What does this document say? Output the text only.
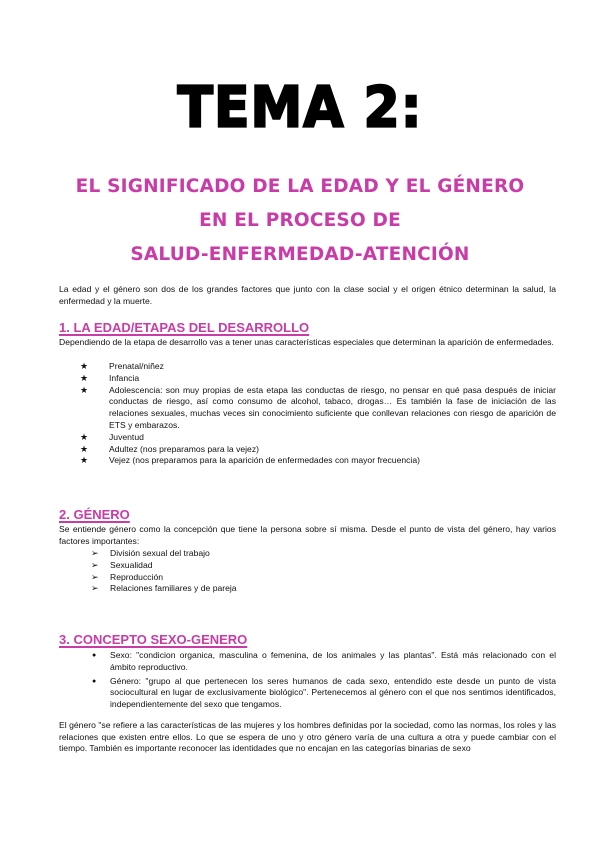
TEMA 2:
EL SIGNIFICADO DE LA EDAD Y EL GÉNERO
EN EL PROCESO DE
SALUD-ENFERMEDAD-ATENCIÓN

La edad y el género son dos de los grandes factores que junto con la clase social y el origen étnico determinan la salud, la enfermedad y la muerte.

1. LA EDAD/ETAPAS DEL DESARROLLO

Dependiendo de la etapa de desarrollo vas a tener unas características especiales que determinan la aparición de enfermedades.

★ Prenatal/niñez
★ Infancia
★ Adolescencia: son muy propias de esta etapa las conductas de riesgo, no pensar en qué pasa después de iniciar conductas de riesgo, así como consumo de alcohol, tabaco, drogas… Es también la fase de iniciación de las relaciones sexuales, muchas veces sin conocimiento suficiente que conllevan relaciones con riesgo de aparición de ETS y embarazos.
★ Juventud
★ Adultez (nos preparamos para la vejez)
★ Vejez (nos preparamos para la aparición de enfermedades con mayor frecuencia)
2. GÉNERO

Se entiende género como la concepción que tiene la persona sobre sí misma. Desde el punto de vista del género, hay varios factores importantes:

➢ División sexual del trabajo
➢ Sexualidad
➢ Reproducción
➢ Relaciones familiares y de pareja
3. CONCEPTO SEXO-GENERO
● Sexo: "condicion organica, masculina o femenina, de los animales y las plantas". Está más relacionado con el ámbito reproductivo.
● Género: "grupo al que pertenecen los seres humanos de cada sexo, entendido este desde un punto de vista sociocultural en lugar de exclusivamente biológico". Pertenecemos al género con el que nos sentimos identificados, independientemente del sexo que tengamos.

El género "se refiere a las características de las mujeres y los hombres definidas por la sociedad, como las normas, los roles y las relaciones que existen entre ellos. Lo que se espera de uno y otro género varía de una cultura a otra y puede cambiar con el tiempo. También es importante reconocer las identidades que no encajan en las categorías binarias de sexo
